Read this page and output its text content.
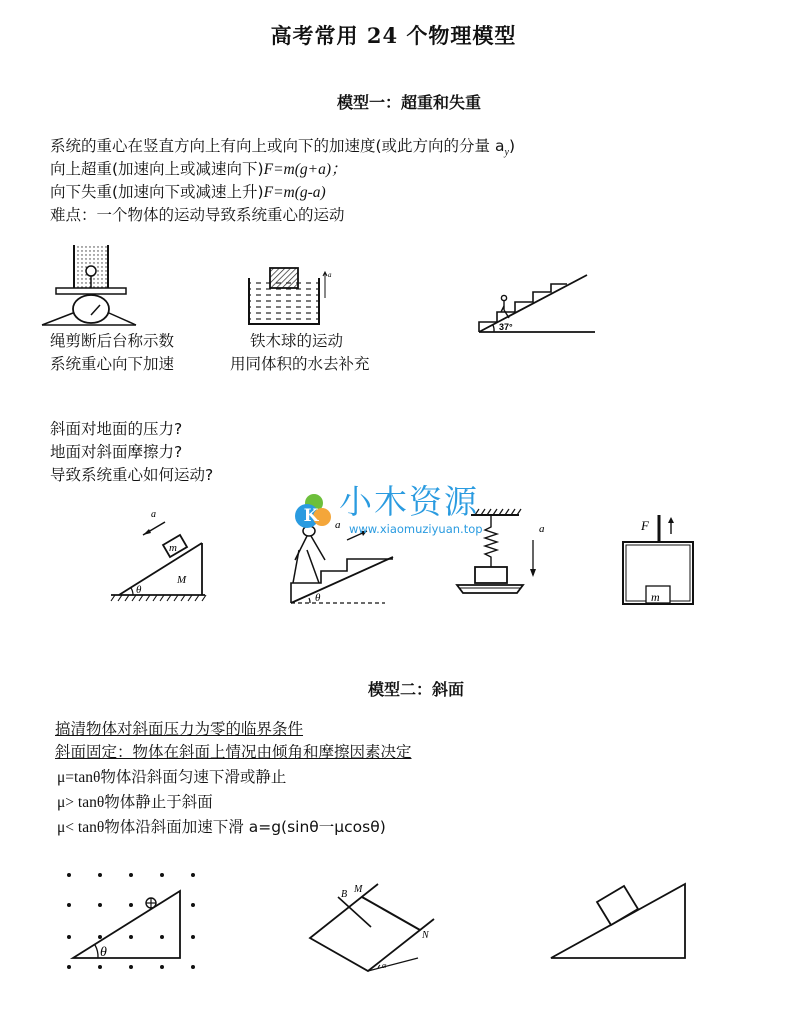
高考常用 24 个物理模型
模型一：超重和失重
系统的重心在竖直方向上有向上或向下的加速度(或此方向的分量 $a_y$)
向上超重(加速向上或减速向下)F=m(g+a)；
向下失重(加速向下或减速上升)F=m(g-a)
难点：一个物体的运动导致系统重心的运动
绳剪断后台称示数
系统重心向下加速
a
铁木球的运动
用同体积的水去补充
37°
斜面对地面的压力?
地面对斜面摩擦力?
导致系统重心如何运动?
m
M
θ
a
θ
a	a	F
m
K 小木资源
www.xiaomuziyuan.top
模型二：斜面
搞清物体对斜面压力为零的临界条件
斜面固定：物体在斜面上情况由倾角和摩擦因素决定
μ=tanθ物体沿斜面匀速下滑或静止
μ> tanθ物体静止于斜面
μ< tanθ物体沿斜面加速下滑 a=g(sinθ一μcosθ)
θ
B M
N
α
